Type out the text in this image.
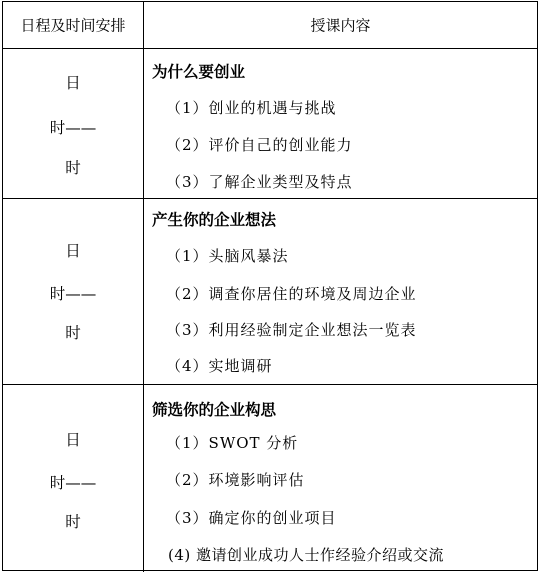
日程及时间安排	授课内容
日
时——
时
为什么要创业
（1）创业的机遇与挑战
（2）评价自己的创业能力
（3）了解企业类型及特点
日
时——
时
产生你的企业想法
（1）头脑风暴法
（2）调查你居住的环境及周边企业
（3）利用经验制定企业想法一览表
（4）实地调研
日
时——
时
筛选你的企业构思
（1）SWOT 分析
（2）环境影响评估
（3）确定你的创业项目
(4) 邀请创业成功人士作经验介绍或交流
